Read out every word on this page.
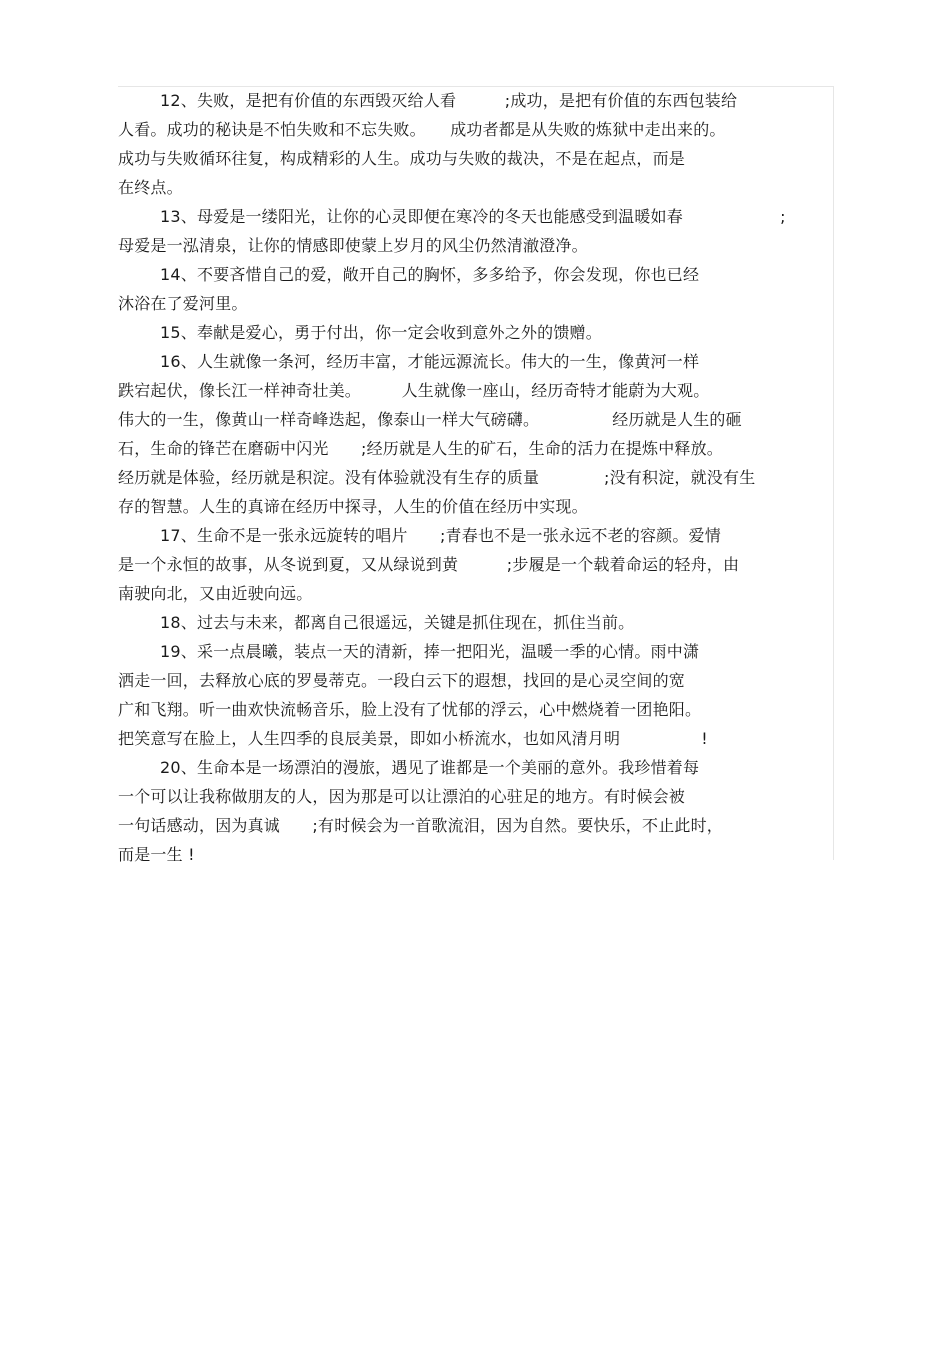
12、失败，是把有价值的东西毁灭给人看　　　;成功，是把有价值的东西包装给
人看。成功的秘诀是不怕失败和不忘失败。　　成功者都是从失败的炼狱中走出来的。
成功与失败循环往复，构成精彩的人生。成功与失败的裁决，不是在起点，而是
在终点。
13、母爱是一缕阳光，让你的心灵即便在寒冷的冬天也能感受到温暖如春　　　　　　;
母爱是一泓清泉，让你的情感即使蒙上岁月的风尘仍然清澈澄净。
14、不要吝惜自己的爱，敞开自己的胸怀，多多给予，你会发现，你也已经
沐浴在了爱河里。
15、奉献是爱心，勇于付出，你一定会收到意外之外的馈赠。
16、人生就像一条河，经历丰富，才能远源流长。伟大的一生，像黄河一样
跌宕起伏，像长江一样神奇壮美。　　　人生就像一座山，经历奇特才能蔚为大观。
伟大的一生，像黄山一样奇峰迭起，像泰山一样大气磅礴。　　　　　经历就是人生的砸
石，生命的锋芒在磨砺中闪光　　;经历就是人生的矿石，生命的活力在提炼中释放。
经历就是体验，经历就是积淀。没有体验就没有生存的质量　　　　;没有积淀，就没有生
存的智慧。人生的真谛在经历中探寻，人生的价值在经历中实现。
17、生命不是一张永远旋转的唱片　　;青春也不是一张永远不老的容颜。爱情
是一个永恒的故事，从冬说到夏，又从绿说到黄　　　;步履是一个载着命运的轻舟，由
南驶向北，又由近驶向远。
18、过去与未来，都离自己很遥远，关键是抓住现在，抓住当前。
19、采一点晨曦，装点一天的清新，捧一把阳光，温暖一季的心情。雨中潇
洒走一回，去释放心底的罗曼蒂克。一段白云下的遐想，找回的是心灵空间的宽
广和飞翔。听一曲欢快流畅音乐，脸上没有了忧郁的浮云，心中燃烧着一团艳阳。
把笑意写在脸上，人生四季的良辰美景，即如小桥流水，也如风清月明　　　　　!
20、生命本是一场漂泊的漫旅，遇见了谁都是一个美丽的意外。我珍惜着每
一个可以让我称做朋友的人，因为那是可以让漂泊的心驻足的地方。有时候会被
一句话感动，因为真诚　　;有时候会为一首歌流泪，因为自然。要快乐，不止此时，
而是一生 !
